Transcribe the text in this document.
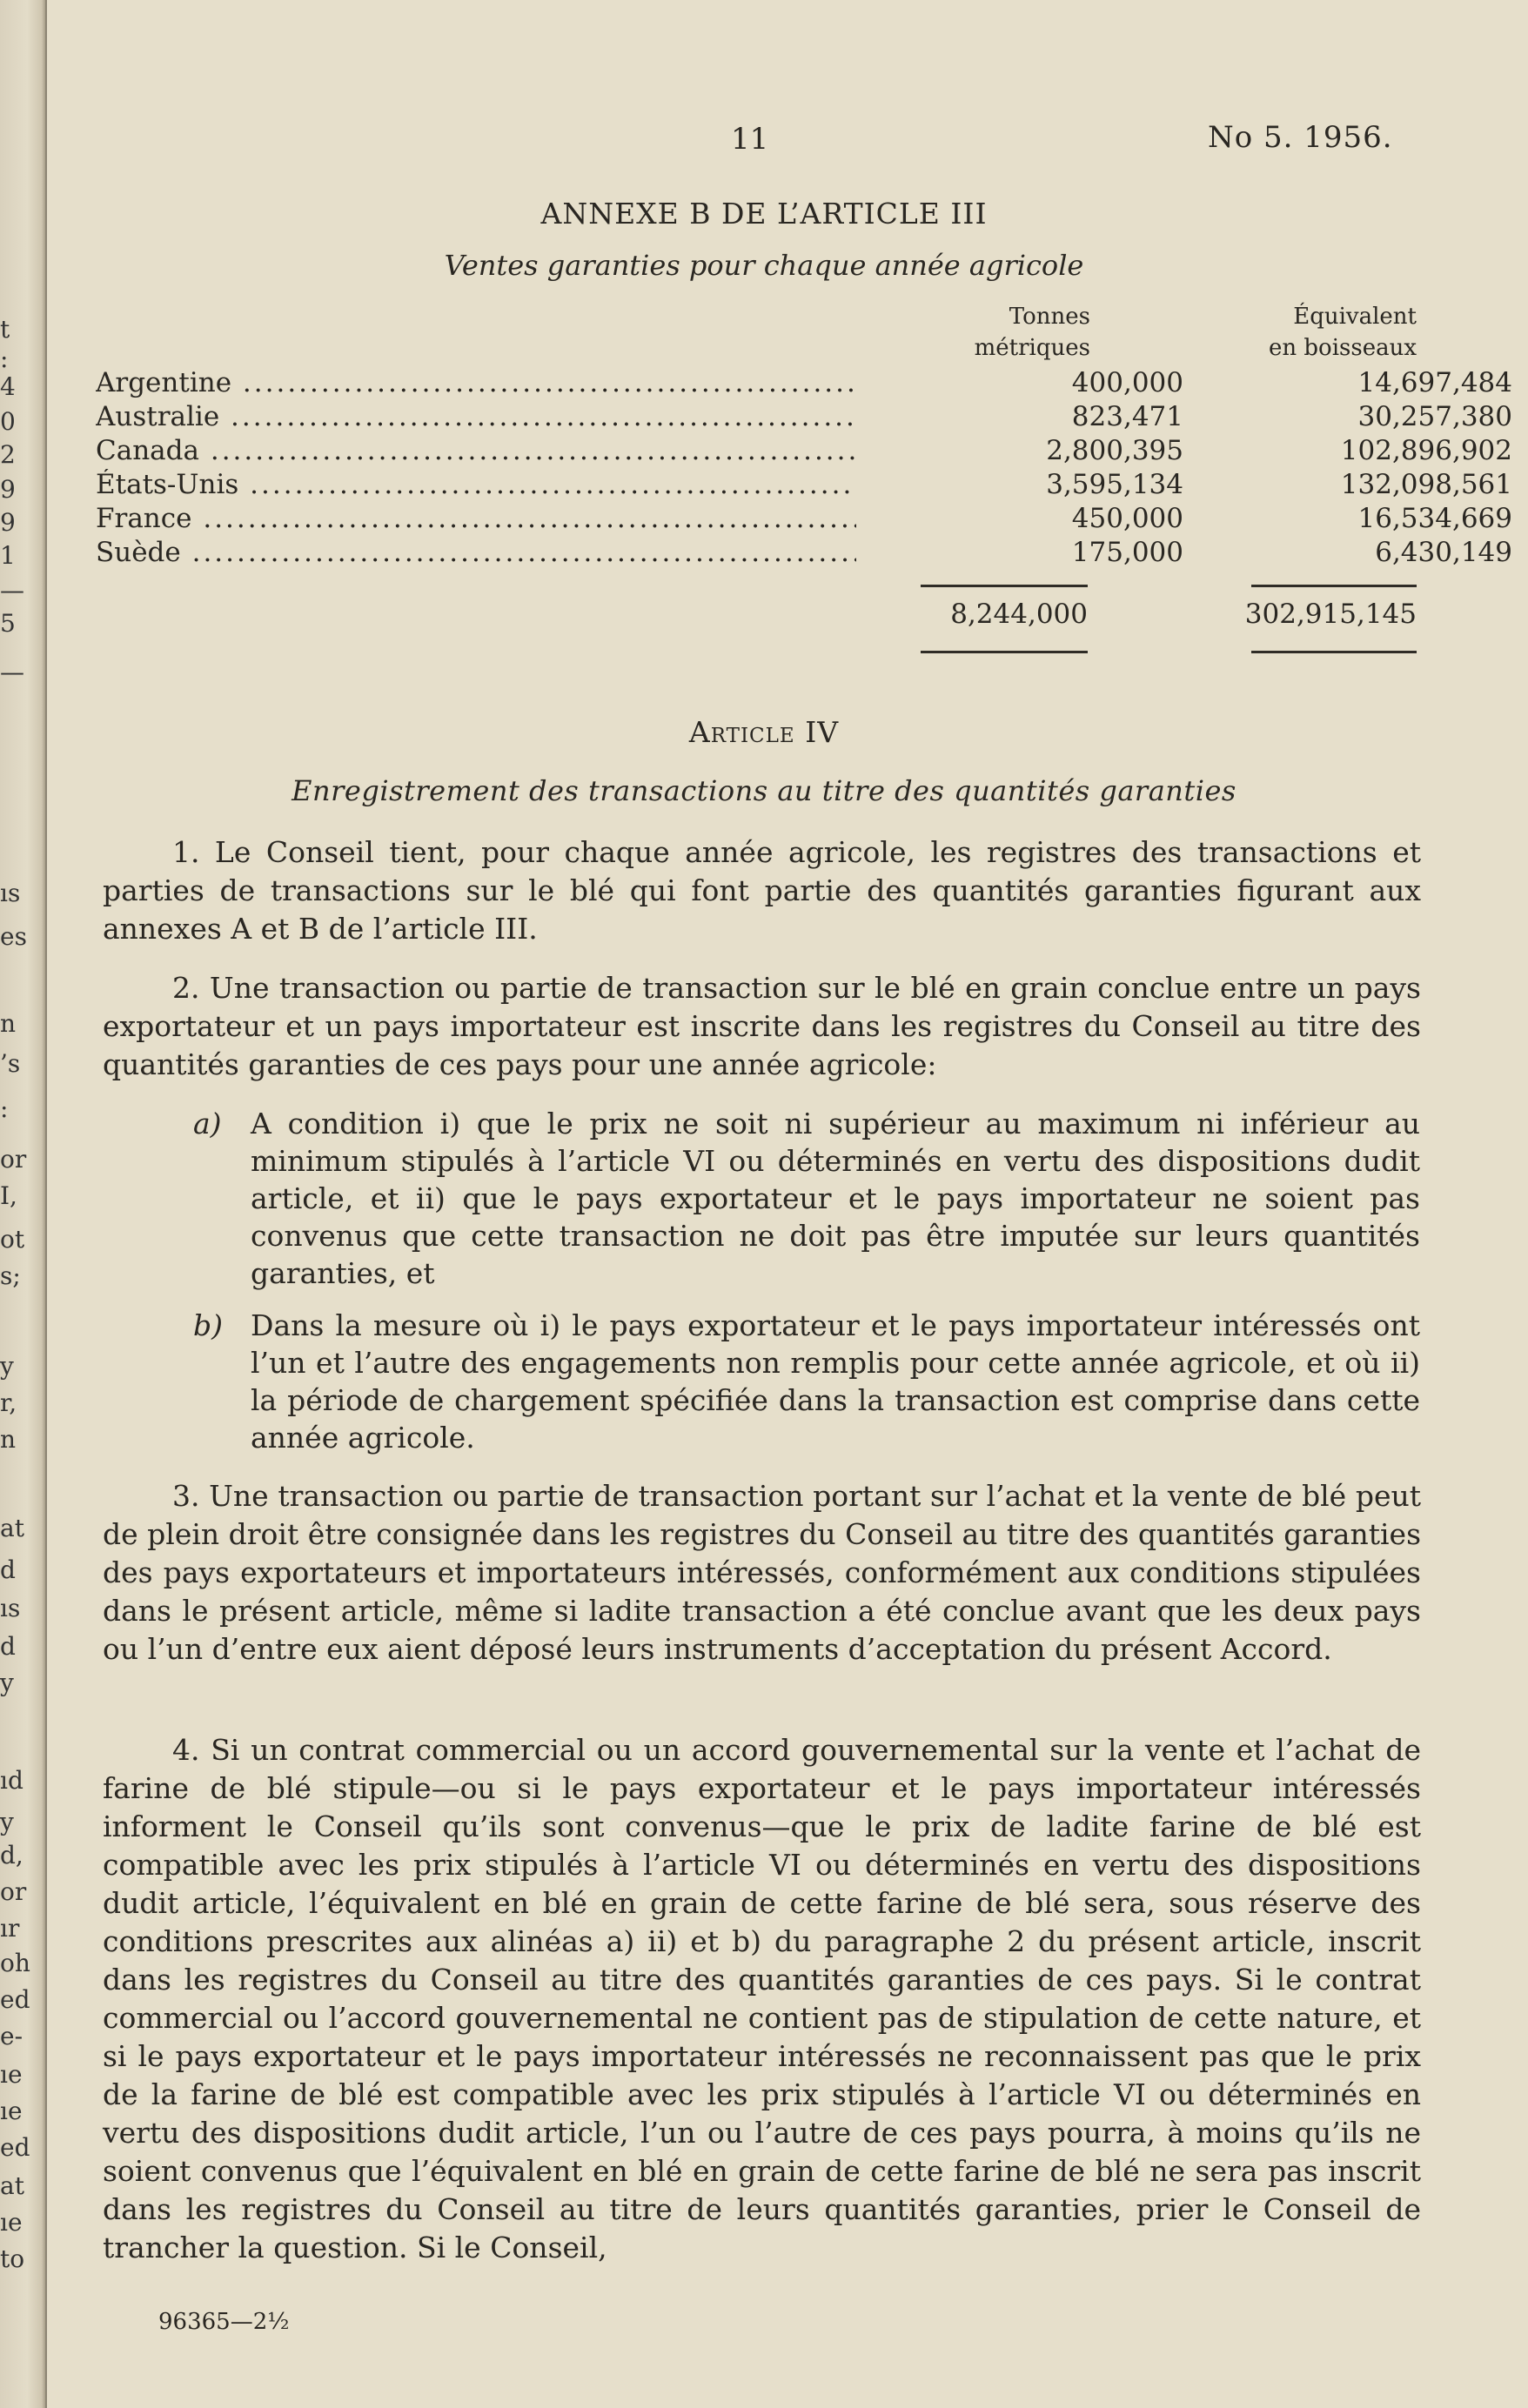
t
:
4
0
2
9
9
1
—
5
—
ıs
es
n
’s
:
or
I,
ot
s;
y
r,
n
at
d
ıs
d
y
ıd
y
d,
or
ır
oh
ed
e-
ıe
ıe
ed
at
ıe
to
11	No 5. 1956.
ANNEXE B DE L’ARTICLE III
Ventes garanties pour chaque année agricole
Tonnes
métriques
Équivalent
en boisseaux
Argentine .....	400,000	14,697,484
Australie .....	823,471	30,257,380
Canada .....	2,800,395	102,896,902
États-Unis .....	3,595,134	132,098,561
France .....	450,000	16,534,669
Suède .....	175,000	6,430,149
8,244,000	302,915,145
Article IV
Enregistrement des transactions au titre des quantités garanties
1. Le Conseil tient, pour chaque année agricole, les registres des transactions et parties de transactions sur le blé qui font partie des quantités garanties figurant aux annexes A et B de l’article III.
2. Une transaction ou partie de transaction sur le blé en grain conclue entre un pays exportateur et un pays importateur est inscrite dans les registres du Conseil au titre des quantités garanties de ces pays pour une année agricole:
a) A condition i) que le prix ne soit ni supérieur au maximum ni inférieur au minimum stipulés à l’article VI ou déterminés en vertu des dispositions dudit article, et ii) que le pays exportateur et le pays importateur ne soient pas convenus que cette transaction ne doit pas être imputée sur leurs quantités garanties, et
b) Dans la mesure où i) le pays exportateur et le pays importateur intéressés ont l’un et l’autre des engagements non remplis pour cette année agricole, et où ii) la période de chargement spécifiée dans la transaction est comprise dans cette année agricole.
3. Une transaction ou partie de transaction portant sur l’achat et la vente de blé peut de plein droit être consignée dans les registres du Conseil au titre des quantités garanties des pays exportateurs et importateurs intéressés, conformément aux conditions stipulées dans le présent article, même si ladite transaction a été conclue avant que les deux pays ou l’un d’entre eux aient déposé leurs instruments d’acceptation du présent Accord.
4. Si un contrat commercial ou un accord gouvernemental sur la vente et l’achat de farine de blé stipule—ou si le pays exportateur et le pays importateur intéressés informent le Conseil qu’ils sont convenus—que le prix de ladite farine de blé est compatible avec les prix stipulés à l’article VI ou déterminés en vertu des dispositions dudit article, l’équivalent en blé en grain de cette farine de blé sera, sous réserve des conditions prescrites aux alinéas a) ii) et b) du paragraphe 2 du présent article, inscrit dans les registres du Conseil au titre des quantités garanties de ces pays. Si le contrat commercial ou l’accord gouvernemental ne contient pas de stipulation de cette nature, et si le pays exportateur et le pays importateur intéressés ne reconnaissent pas que le prix de la farine de blé est compatible avec les prix stipulés à l’article VI ou déterminés en vertu des dispositions dudit article, l’un ou l’autre de ces pays pourra, à moins qu’ils ne soient convenus que l’équivalent en blé en grain de cette farine de blé ne sera pas inscrit dans les registres du Conseil au titre de leurs quantités garanties, prier le Conseil de trancher la question. Si le Conseil,
96365—2½
